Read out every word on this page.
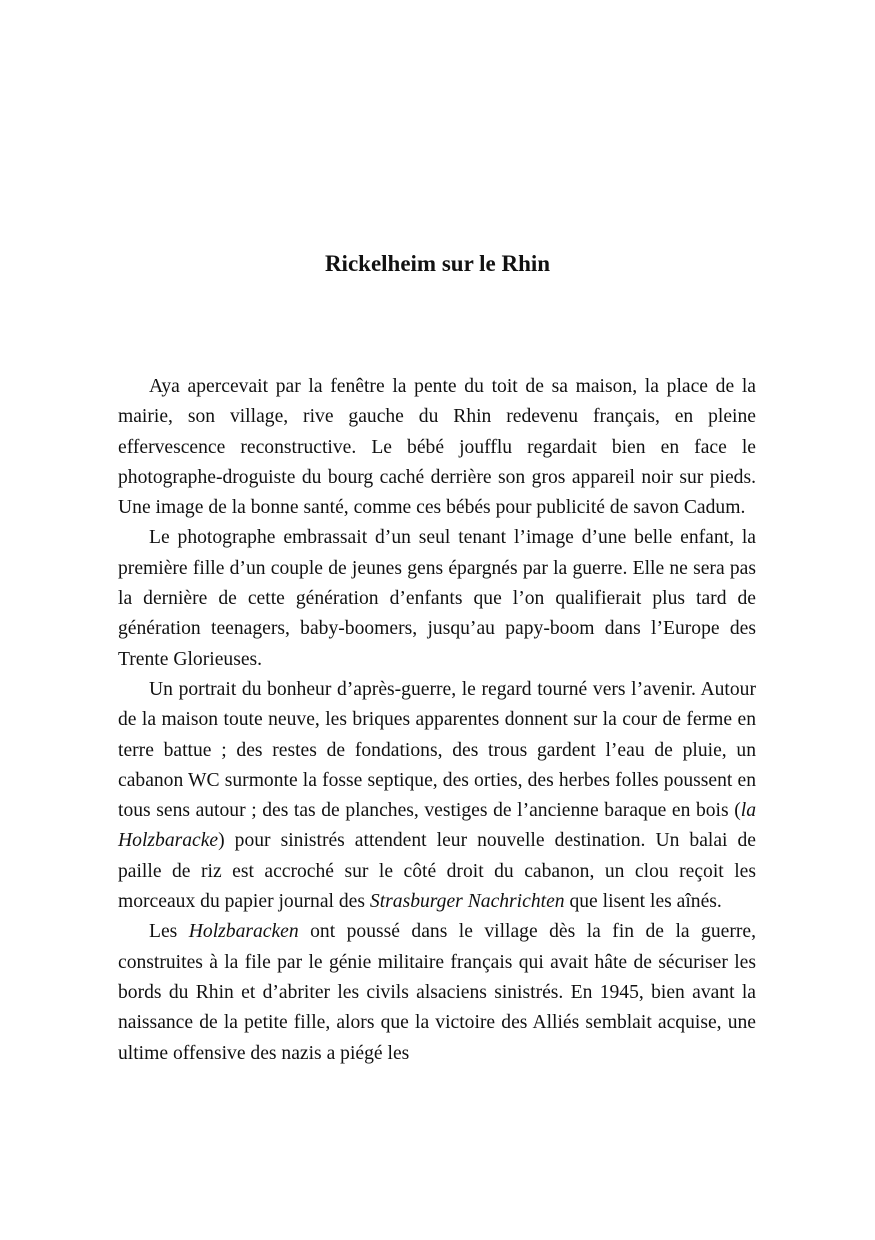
Rickelheim sur le Rhin

Aya apercevait par la fenêtre la pente du toit de sa maison, la place de la mairie, son village, rive gauche du Rhin redevenu français, en pleine effervescence reconstructive. Le bébé joufflu regardait bien en face le photographe-droguiste du bourg caché derrière son gros appareil noir sur pieds. Une image de la bonne santé, comme ces bébés pour publicité de savon Cadum.

Le photographe embrassait d’un seul tenant l’image d’une belle enfant, la première fille d’un couple de jeunes gens épargnés par la guerre. Elle ne sera pas la dernière de cette génération d’enfants que l’on qualifierait plus tard de génération teenagers, baby-boomers, jusqu’au papy-boom dans l’Europe des Trente Glorieuses.

Un portrait du bonheur d’après-guerre, le regard tourné vers l’avenir. Autour de la maison toute neuve, les briques apparentes donnent sur la cour de ferme en terre battue ; des restes de fondations, des trous gardent l’eau de pluie, un cabanon WC surmonte la fosse septique, des orties, des herbes folles poussent en tous sens autour ; des tas de planches, vestiges de l’ancienne baraque en bois (la Holzbaracke) pour sinistrés attendent leur nouvelle destination. Un balai de paille de riz est accroché sur le côté droit du cabanon, un clou reçoit les morceaux du papier journal des Strasburger Nachrichten que lisent les aînés.

Les Holzbaracken ont poussé dans le village dès la fin de la guerre, construites à la file par le génie militaire français qui avait hâte de sécuriser les bords du Rhin et d’abriter les civils alsaciens sinistrés. En 1945, bien avant la naissance de la petite fille, alors que la victoire des Alliés semblait acquise, une ultime offensive des nazis a piégé les
